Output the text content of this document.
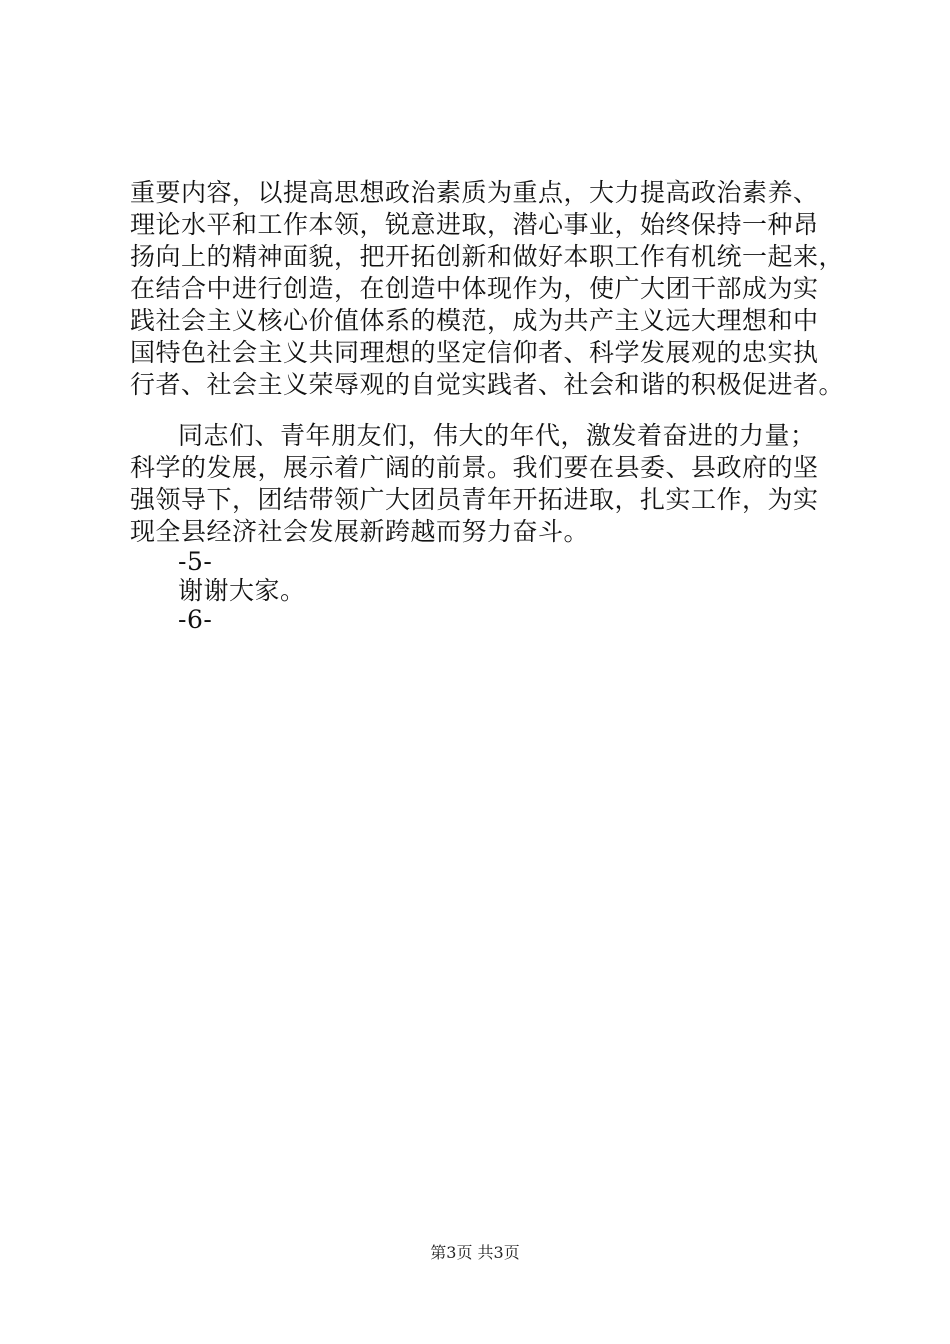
重要内容，以提高思想政治素质为重点，大力提高政治素养、
理论水平和工作本领，锐意进取，潜心事业，始终保持一种昂
扬向上的精神面貌，把开拓创新和做好本职工作有机统一起来，
在结合中进行创造，在创造中体现作为，使广大团干部成为实
践社会主义核心价值体系的模范，成为共产主义远大理想和中
国特色社会主义共同理想的坚定信仰者、科学发展观的忠实执
行者、社会主义荣辱观的自觉实践者、社会和谐的积极促进者。
同志们、青年朋友们，伟大的年代，激发着奋进的力量；
科学的发展，展示着广阔的前景。我们要在县委、县政府的坚
强领导下，团结带领广大团员青年开拓进取，扎实工作，为实
现全县经济社会发展新跨越而努力奋斗。
-5-
谢谢大家。
-6-
第3页 共3页
